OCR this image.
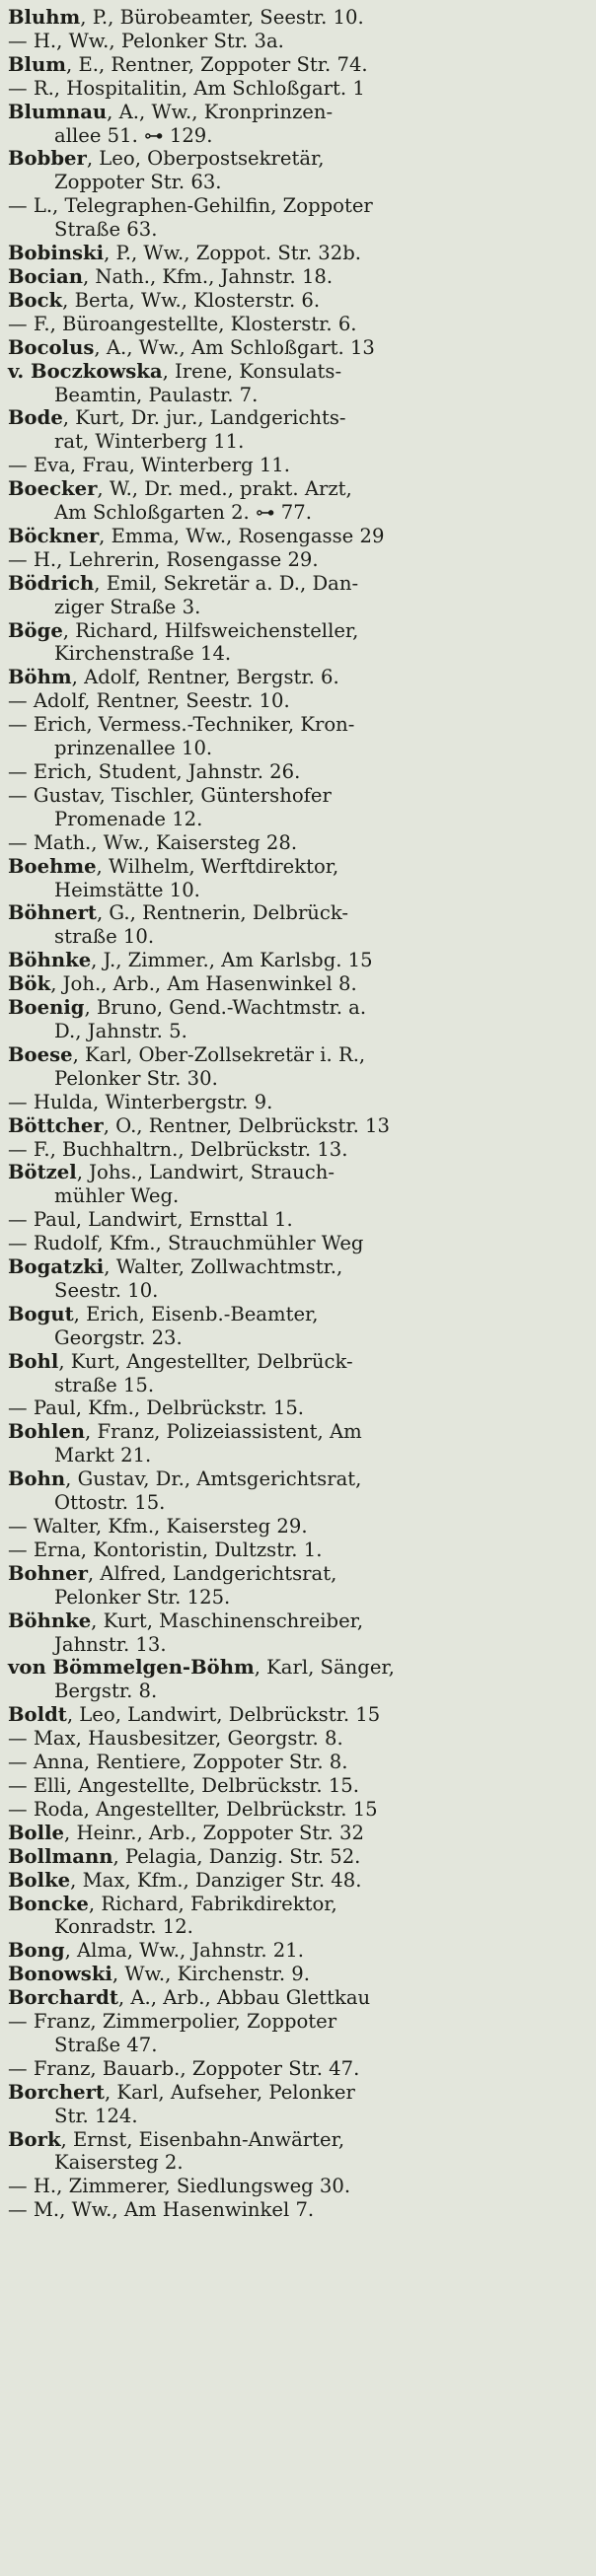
Bluhm, P., Bürobeamter, Seestr. 10.
— H., Ww., Pelonker Str. 3a.
Blum, E., Rentner, Zoppoter Str. 74.
— R., Hospitalitin, Am Schloßgart. 1
Blumnau, A., Ww., Kronprinzen-
allee 51. ⊶ 129.
Bobber, Leo, Oberpostsekretär,
Zoppoter Str. 63.
— L., Telegraphen-Gehilfin, Zoppoter
Straße 63.
Bobinski, P., Ww., Zoppot. Str. 32b.
Bocian, Nath., Kfm., Jahnstr. 18.
Bock, Berta, Ww., Klosterstr. 6.
— F., Büroangestellte, Klosterstr. 6.
Bocolus, A., Ww., Am Schloßgart. 13
v. Boczkowska, Irene, Konsulats-
Beamtin, Paulastr. 7.
Bode, Kurt, Dr. jur., Landgerichts-
rat, Winterberg 11.
— Eva, Frau, Winterberg 11.
Boecker, W., Dr. med., prakt. Arzt,
Am Schloßgarten 2. ⊶ 77.
Böckner, Emma, Ww., Rosengasse 29
— H., Lehrerin, Rosengasse 29.
Bödrich, Emil, Sekretär a. D., Dan-
ziger Straße 3.
Böge, Richard, Hilfsweichensteller,
Kirchenstraße 14.
Böhm, Adolf, Rentner, Bergstr. 6.
— Adolf, Rentner, Seestr. 10.
— Erich, Vermess.-Techniker, Kron-
prinzenallee 10.
— Erich, Student, Jahnstr. 26.
— Gustav, Tischler, Güntershofer
Promenade 12.
— Math., Ww., Kaisersteg 28.
Boehme, Wilhelm, Werftdirektor,
Heimstätte 10.
Böhnert, G., Rentnerin, Delbrück-
straße 10.
Böhnke, J., Zimmer., Am Karlsbg. 15
Bök, Joh., Arb., Am Hasenwinkel 8.
Boenig, Bruno, Gend.-Wachtmstr. a.
D., Jahnstr. 5.
Boese, Karl, Ober-Zollsekretär i. R.,
Pelonker Str. 30.
— Hulda, Winterbergstr. 9.
Böttcher, O., Rentner, Delbrückstr. 13
— F., Buchhaltrn., Delbrückstr. 13.
Bötzel, Johs., Landwirt, Strauch-
mühler Weg.
— Paul, Landwirt, Ernsttal 1.
— Rudolf, Kfm., Strauchmühler Weg
Bogatzki, Walter, Zollwachtmstr.,
Seestr. 10.
Bogut, Erich, Eisenb.-Beamter,
Georgstr. 23.
Bohl, Kurt, Angestellter, Delbrück-
straße 15.
— Paul, Kfm., Delbrückstr. 15.
Bohlen, Franz, Polizeiassistent, Am
Markt 21.
Bohn, Gustav, Dr., Amtsgerichtsrat,
Ottostr. 15.
— Walter, Kfm., Kaisersteg 29.
— Erna, Kontoristin, Dultzstr. 1.
Bohner, Alfred, Landgerichtsrat,
Pelonker Str. 125.
Böhnke, Kurt, Maschinenschreiber,
Jahnstr. 13.
von Bömmelgen-Böhm, Karl, Sänger,
Bergstr. 8.
Boldt, Leo, Landwirt, Delbrückstr. 15
— Max, Hausbesitzer, Georgstr. 8.
— Anna, Rentiere, Zoppoter Str. 8.
— Elli, Angestellte, Delbrückstr. 15.
— Roda, Angestellter, Delbrückstr. 15
Bolle, Heinr., Arb., Zoppoter Str. 32
Bollmann, Pelagia, Danzig. Str. 52.
Bolke, Max, Kfm., Danziger Str. 48.
Boncke, Richard, Fabrikdirektor,
Konradstr. 12.
Bong, Alma, Ww., Jahnstr. 21.
Bonowski, Ww., Kirchenstr. 9.
Borchardt, A., Arb., Abbau Glettkau
— Franz, Zimmerpolier, Zoppoter
Straße 47.
— Franz, Bauarb., Zoppoter Str. 47.
Borchert, Karl, Aufseher, Pelonker
Str. 124.
Bork, Ernst, Eisenbahn-Anwärter,
Kaisersteg 2.
— H., Zimmerer, Siedlungsweg 30.
— M., Ww., Am Hasenwinkel 7.
